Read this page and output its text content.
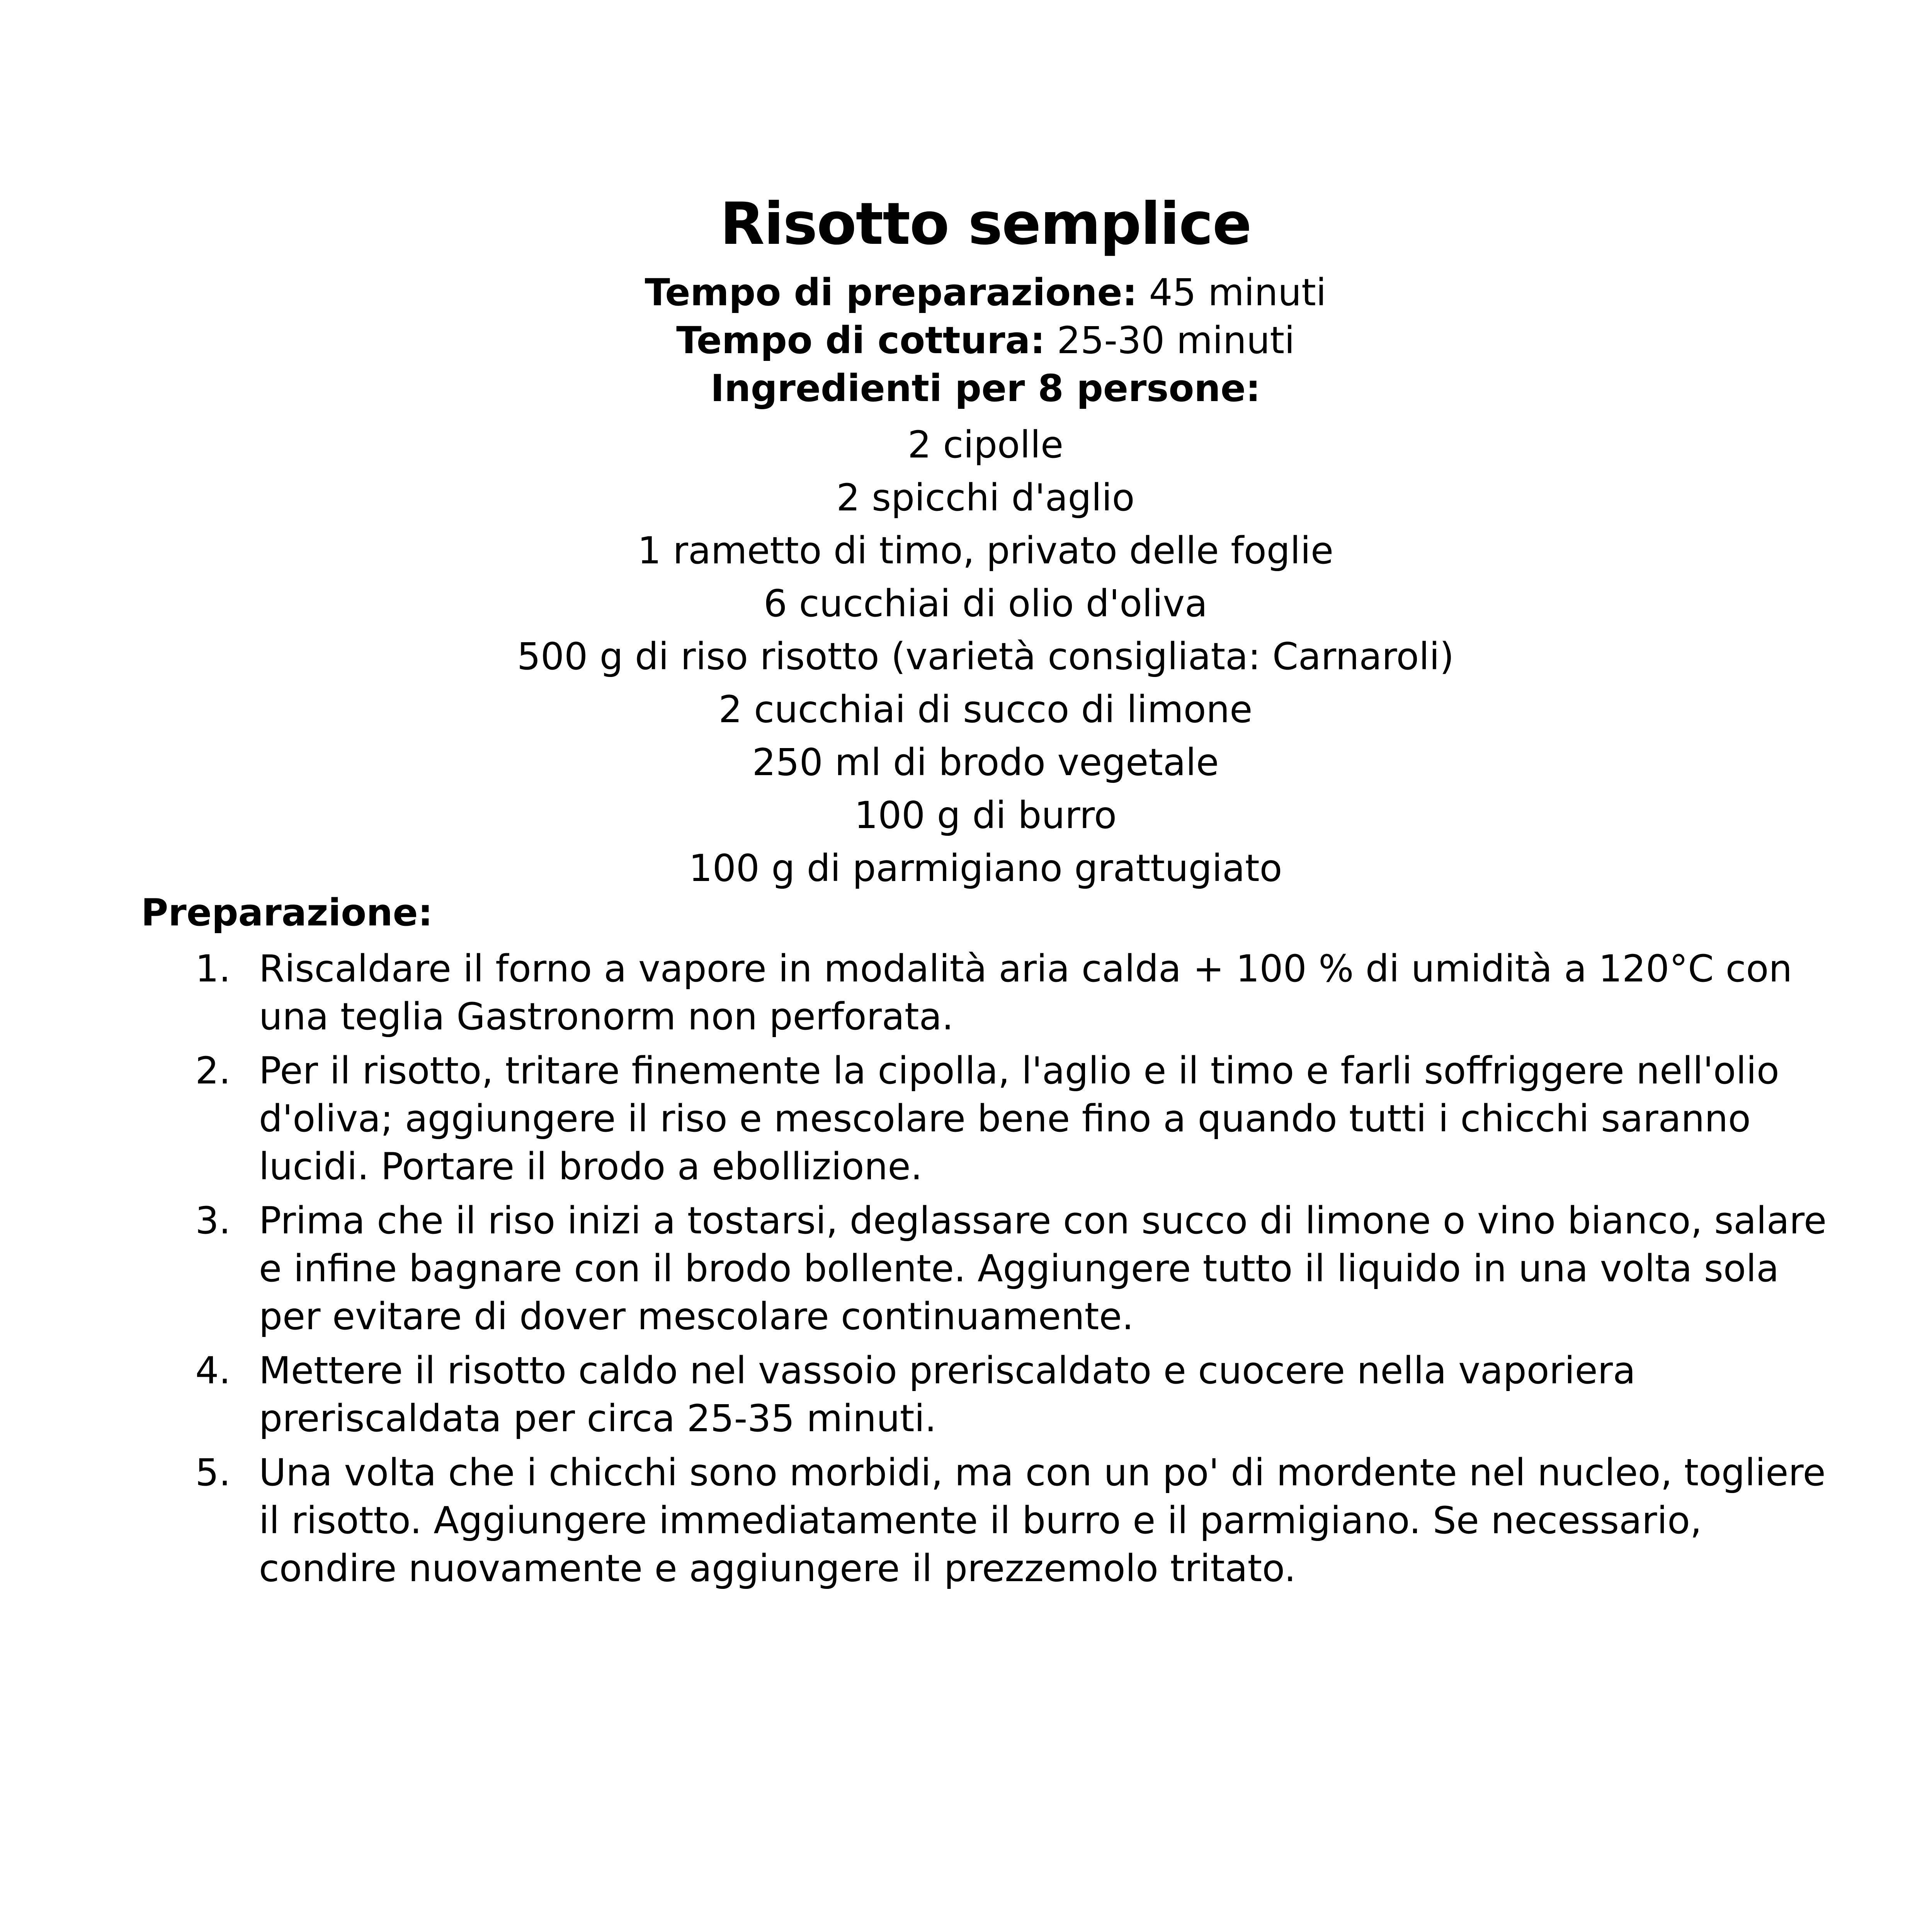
Risotto semplice
Tempo di preparazione: 45 minuti
Tempo di cottura: 25-30 minuti
Ingredienti per 8 persone:
2 cipolle
2 spicchi d'aglio
1 rametto di timo, privato delle foglie
6 cucchiai di olio d'oliva
500 g di riso risotto (varietà consigliata: Carnaroli)
2 cucchiai di succo di limone
250 ml di brodo vegetale
100 g di burro
100 g di parmigiano grattugiato
Preparazione:
1. Riscaldare il forno a vapore in modalità aria calda + 100 % di umidità a 120°C con una teglia Gastronorm non perforata.
2. Per il risotto, tritare finemente la cipolla, l'aglio e il timo e farli soffriggere nell'olio d'oliva; aggiungere il riso e mescolare bene fino a quando tutti i chicchi saranno lucidi. Portare il brodo a ebollizione.
3. Prima che il riso inizi a tostarsi, deglassare con succo di limone o vino bianco, salare e infine bagnare con il brodo bollente. Aggiungere tutto il liquido in una volta sola per evitare di dover mescolare continuamente.
4. Mettere il risotto caldo nel vassoio preriscaldato e cuocere nella vaporiera preriscaldata per circa 25-35 minuti.
5. Una volta che i chicchi sono morbidi, ma con un po' di mordente nel nucleo, togliere il risotto. Aggiungere immediatamente il burro e il parmigiano. Se necessario, condire nuovamente e aggiungere il prezzemolo tritato.
